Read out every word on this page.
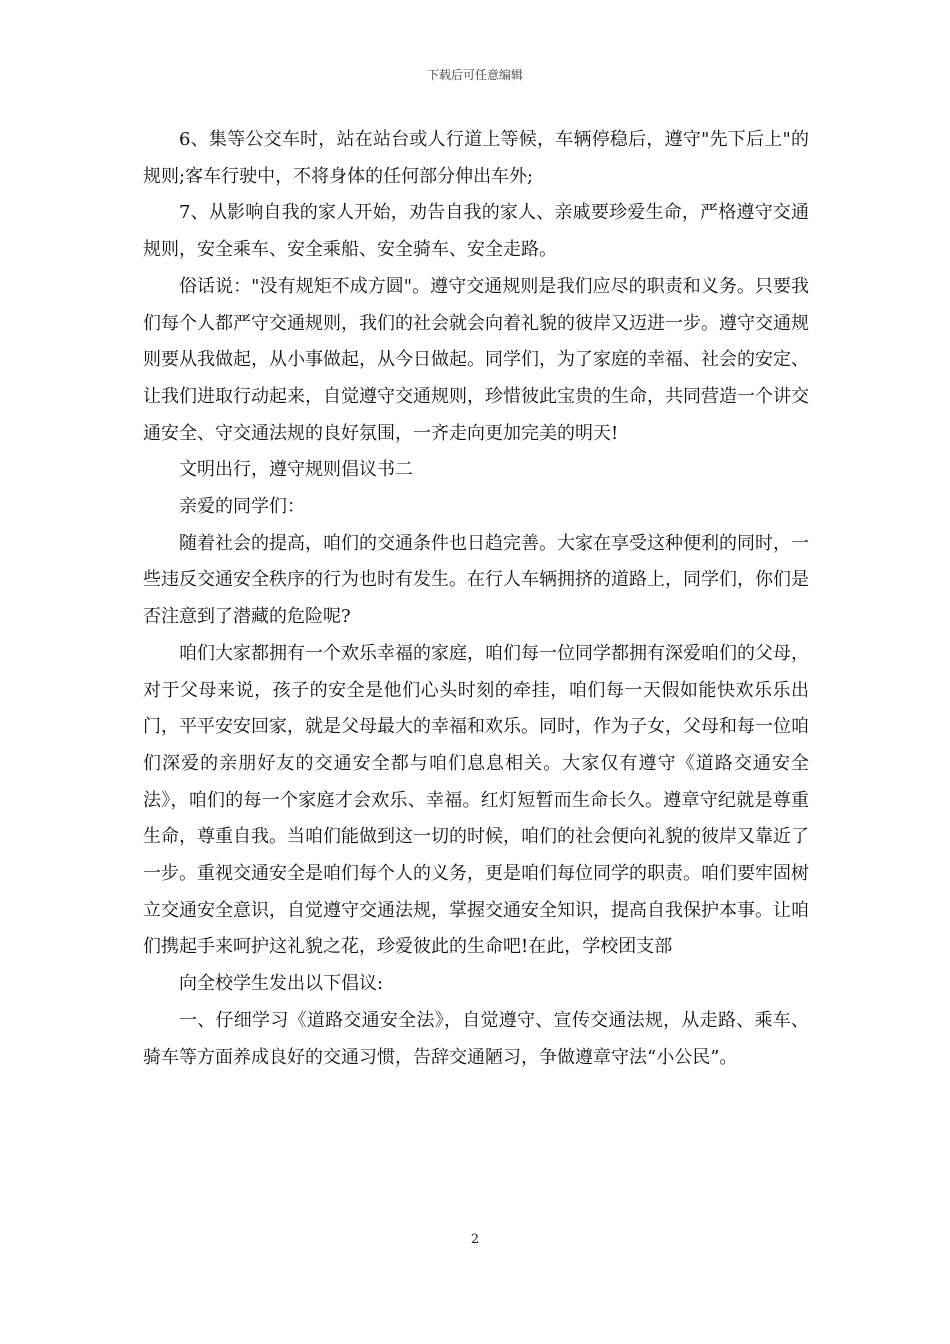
下载后可任意编辑

6、集等公交车时，站在站台或人行道上等候，车辆停稳后，遵守"先下后上"的规则;客车行驶中，不将身体的任何部分伸出车外;

7、从影响自我的家人开始，劝告自我的家人、亲戚要珍爱生命，严格遵守交通规则，安全乘车、安全乘船、安全骑车、安全走路。

俗话说："没有规矩不成方圆"。遵守交通规则是我们应尽的职责和义务。只要我们每个人都严守交通规则，我们的社会就会向着礼貌的彼岸又迈进一步。遵守交通规则要从我做起，从小事做起，从今日做起。同学们，为了家庭的幸福、社会的安定、让我们进取行动起来，自觉遵守交通规则，珍惜彼此宝贵的生命，共同营造一个讲交通安全、守交通法规的良好氛围，一齐走向更加完美的明天!

文明出行，遵守规则倡议书二

亲爱的同学们：

随着社会的提高，咱们的交通条件也日趋完善。大家在享受这种便利的同时，一些违反交通安全秩序的行为也时有发生。在行人车辆拥挤的道路上，同学们，你们是否注意到了潜藏的危险呢?

咱们大家都拥有一个欢乐幸福的家庭，咱们每一位同学都拥有深爱咱们的父母，对于父母来说，孩子的安全是他们心头时刻的牵挂，咱们每一天假如能快欢乐乐出门，平平安安回家，就是父母最大的幸福和欢乐。同时，作为子女，父母和每一位咱们深爱的亲朋好友的交通安全都与咱们息息相关。大家仅有遵守《道路交通安全法》，咱们的每一个家庭才会欢乐、幸福。红灯短暂而生命长久。遵章守纪就是尊重生命，尊重自我。当咱们能做到这一切的时候，咱们的社会便向礼貌的彼岸又靠近了一步。重视交通安全是咱们每个人的义务，更是咱们每位同学的职责。咱们要牢固树立交通安全意识，自觉遵守交通法规，掌握交通安全知识，提高自我保护本事。让咱们携起手来呵护这礼貌之花，珍爱彼此的生命吧!在此，学校团支部

向全校学生发出以下倡议:

一、仔细学习《道路交通安全法》，自觉遵守、宣传交通法规，从走路、乘车、骑车等方面养成良好的交通习惯，告辞交通陋习，争做遵章守法“小公民”。

2
